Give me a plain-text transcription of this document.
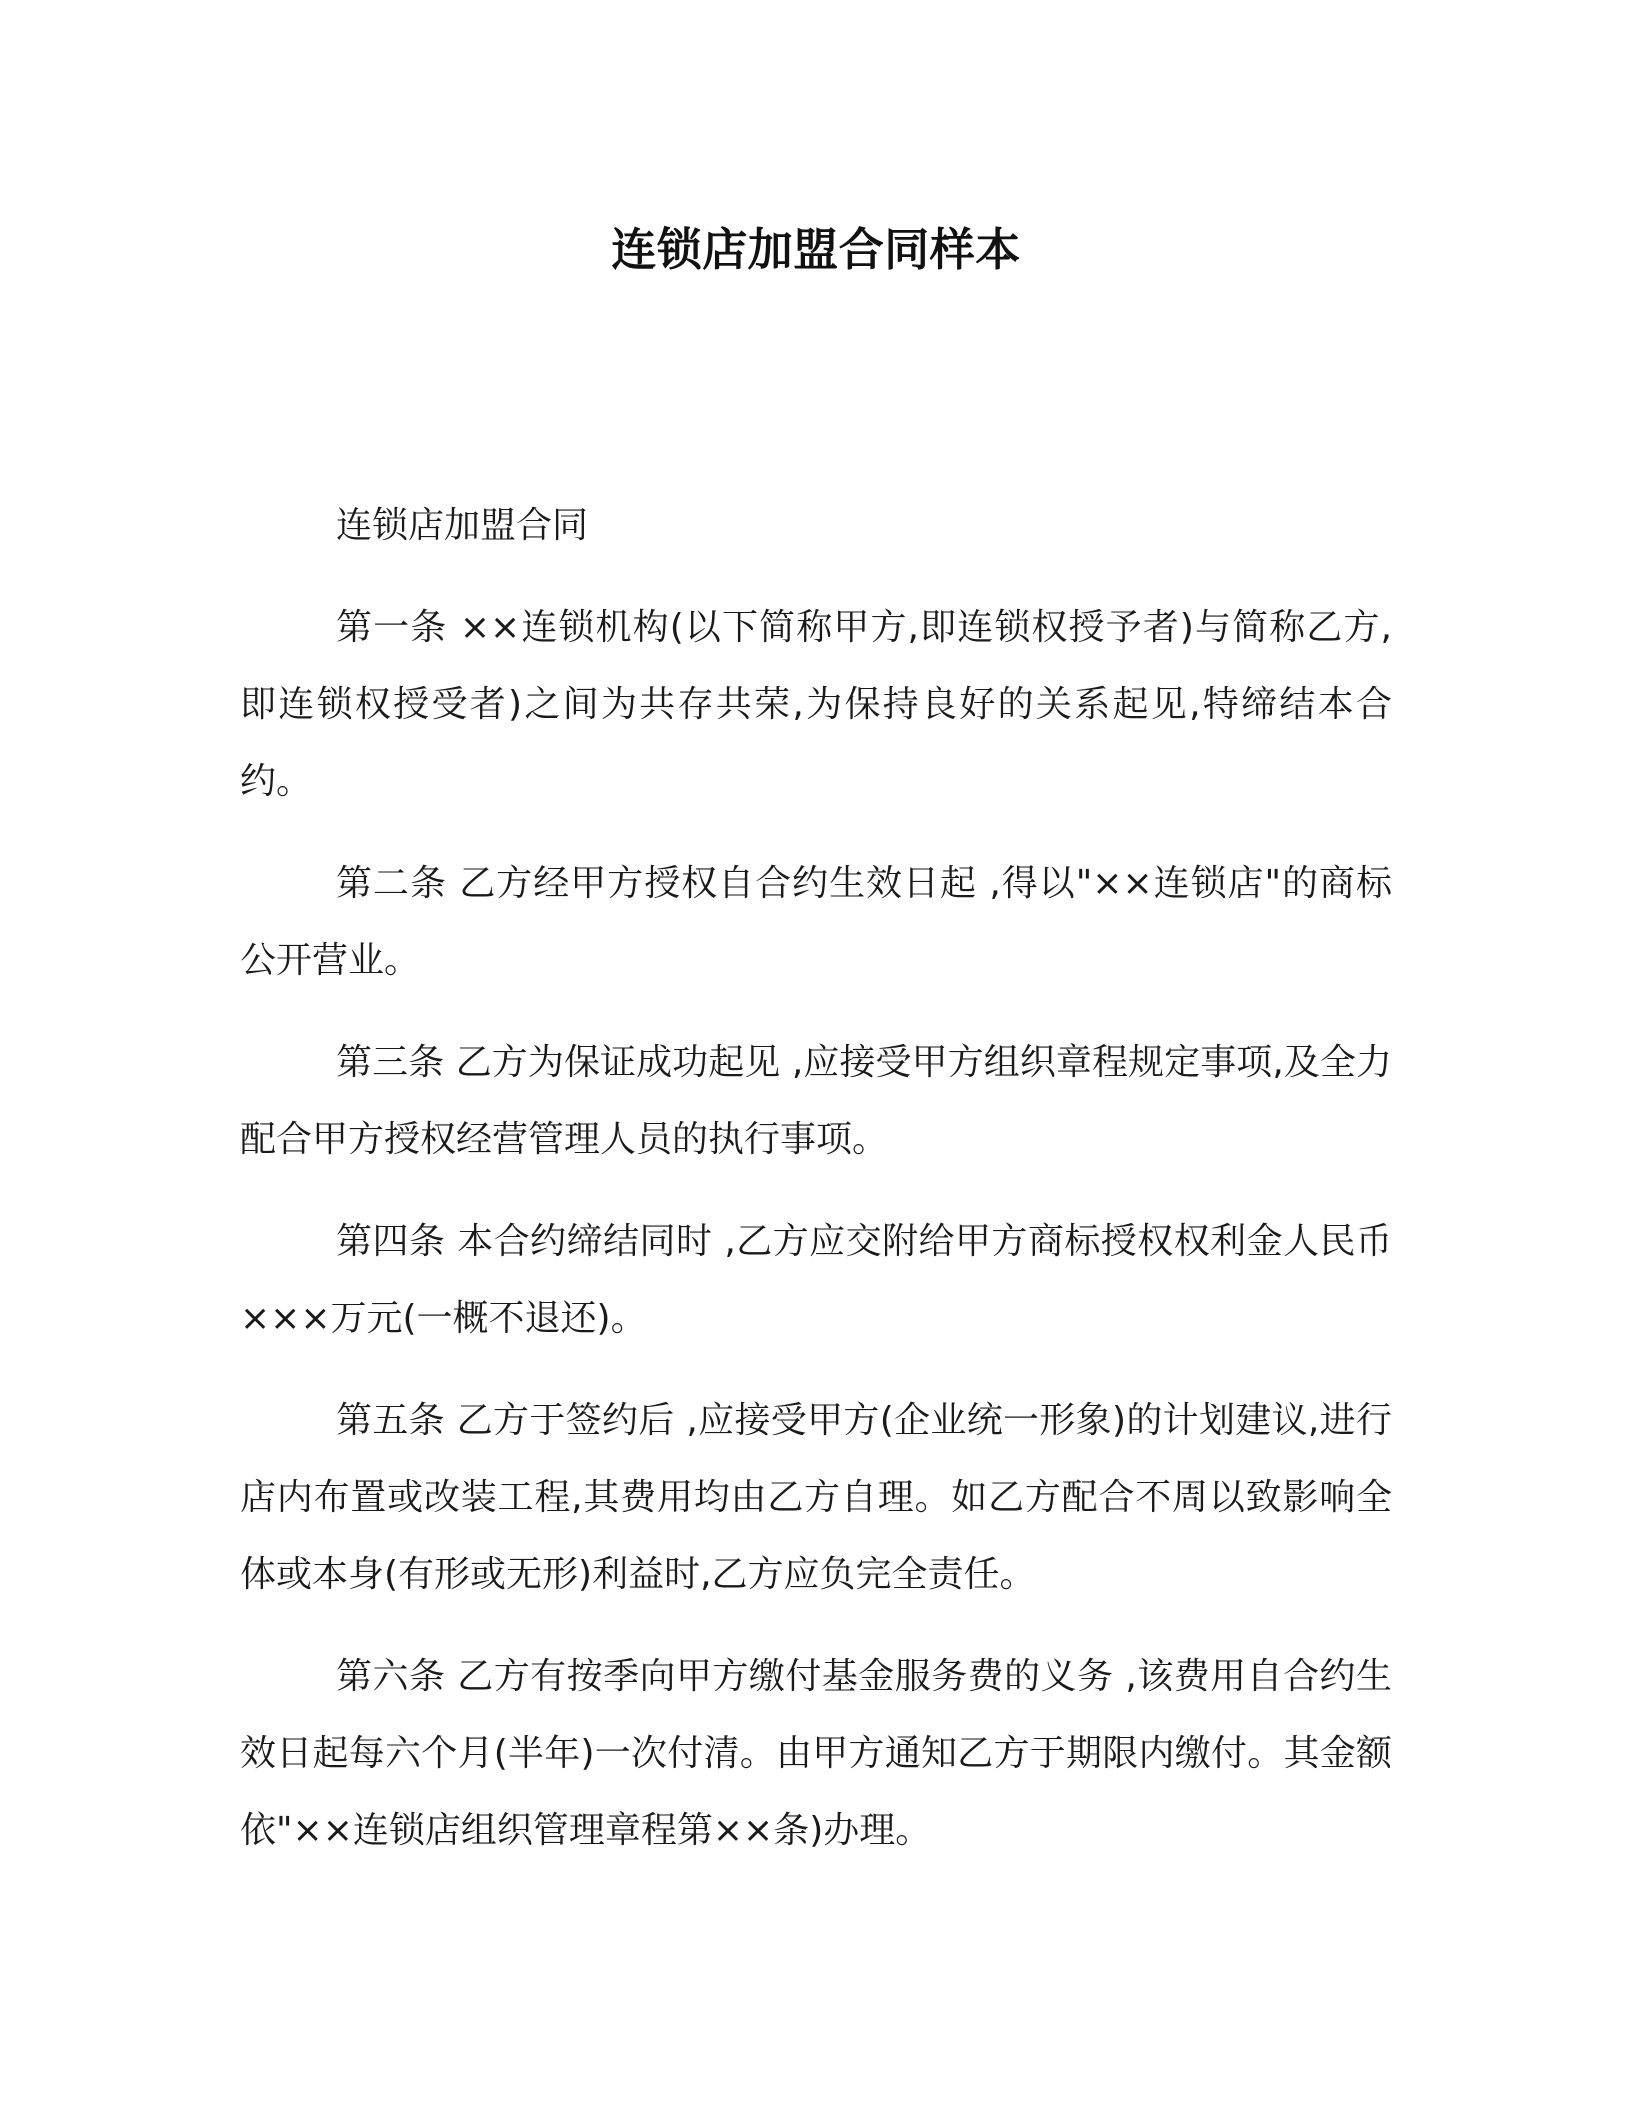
连锁店加盟合同样本

连锁店加盟合同

第一条 ××连锁机构(以下简称甲方,即连锁权授予者)与简称乙方,即连锁权授受者)之间为共存共荣,为保持良好的关系起见,特缔结本合约。

第二条 乙方经甲方授权自合约生效日起 ,得以"××连锁店"的商标公开营业。

第三条 乙方为保证成功起见 ,应接受甲方组织章程规定事项,及全力配合甲方授权经营管理人员的执行事项。

第四条 本合约缔结同时 ,乙方应交附给甲方商标授权权利金人民币×××万元(一概不退还)。

第五条 乙方于签约后 ,应接受甲方(企业统一形象)的计划建议,进行店内布置或改装工程,其费用均由乙方自理。如乙方配合不周以致影响全体或本身(有形或无形)利益时,乙方应负完全责任。

第六条 乙方有按季向甲方缴付基金服务费的义务 ,该费用自合约生效日起每六个月(半年)一次付清。由甲方通知乙方于期限内缴付。其金额依"××连锁店组织管理章程第××条)办理。
